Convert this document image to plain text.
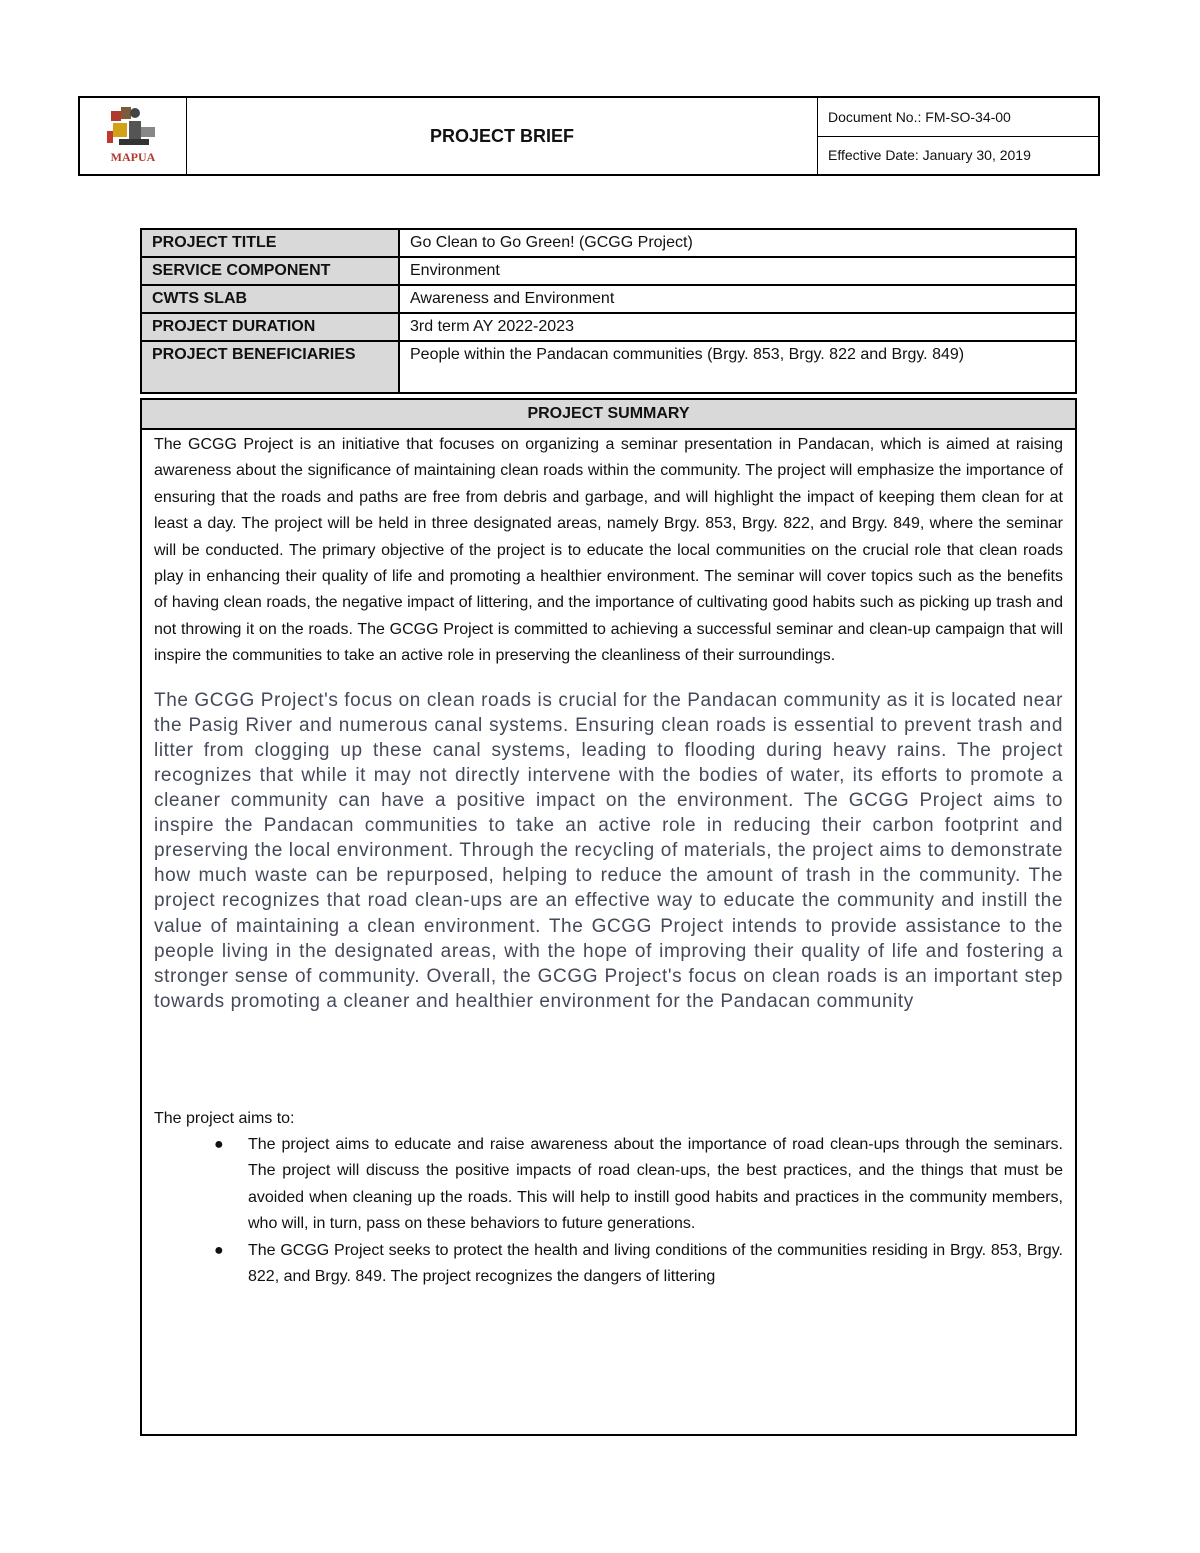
MAPUA
PROJECT BRIEF
Document No.: FM-SO-34-00
Effective Date: January 30, 2019
PROJECT TITLE	Go Clean to Go Green! (GCGG Project)
SERVICE COMPONENT	Environment
CWTS SLAB	Awareness and Environment
PROJECT DURATION	3rd term AY 2022-2023
PROJECT BENEFICIARIES	People within the Pandacan communities (Brgy. 853, Brgy. 822 and Brgy. 849)
PROJECT SUMMARY

The GCGG Project is an initiative that focuses on organizing a seminar presentation in Pandacan, which is aimed at raising awareness about the significance of maintaining clean roads within the community. The project will emphasize the importance of ensuring that the roads and paths are free from debris and garbage, and will highlight the impact of keeping them clean for at least a day. The project will be held in three designated areas, namely Brgy. 853, Brgy. 822, and Brgy. 849, where the seminar will be conducted. The primary objective of the project is to educate the local communities on the crucial role that clean roads play in enhancing their quality of life and promoting a healthier environment. The seminar will cover topics such as the benefits of having clean roads, the negative impact of littering, and the importance of cultivating good habits such as picking up trash and not throwing it on the roads. The GCGG Project is committed to achieving a successful seminar and clean-up campaign that will inspire the communities to take an active role in preserving the cleanliness of their surroundings.

The GCGG Project's focus on clean roads is crucial for the Pandacan community as it is located near the Pasig River and numerous canal systems. Ensuring clean roads is essential to prevent trash and litter from clogging up these canal systems, leading to flooding during heavy rains. The project recognizes that while it may not directly intervene with the bodies of water, its efforts to promote a cleaner community can have a positive impact on the environment. The GCGG Project aims to inspire the Pandacan communities to take an active role in reducing their carbon footprint and preserving the local environment. Through the recycling of materials, the project aims to demonstrate how much waste can be repurposed, helping to reduce the amount of trash in the community. The project recognizes that road clean-ups are an effective way to educate the community and instill the value of maintaining a clean environment. The GCGG Project intends to provide assistance to the people living in the designated areas, with the hope of improving their quality of life and fostering a stronger sense of community. Overall, the GCGG Project's focus on clean roads is an important step towards promoting a cleaner and healthier environment for the Pandacan community

The project aims to:

● The project aims to educate and raise awareness about the importance of road clean-ups through the seminars. The project will discuss the positive impacts of road clean-ups, the best practices, and the things that must be avoided when cleaning up the roads. This will help to instill good habits and practices in the community members, who will, in turn, pass on these behaviors to future generations.
● The GCGG Project seeks to protect the health and living conditions of the communities residing in Brgy. 853, Brgy. 822, and Brgy. 849. The project recognizes the dangers of littering
